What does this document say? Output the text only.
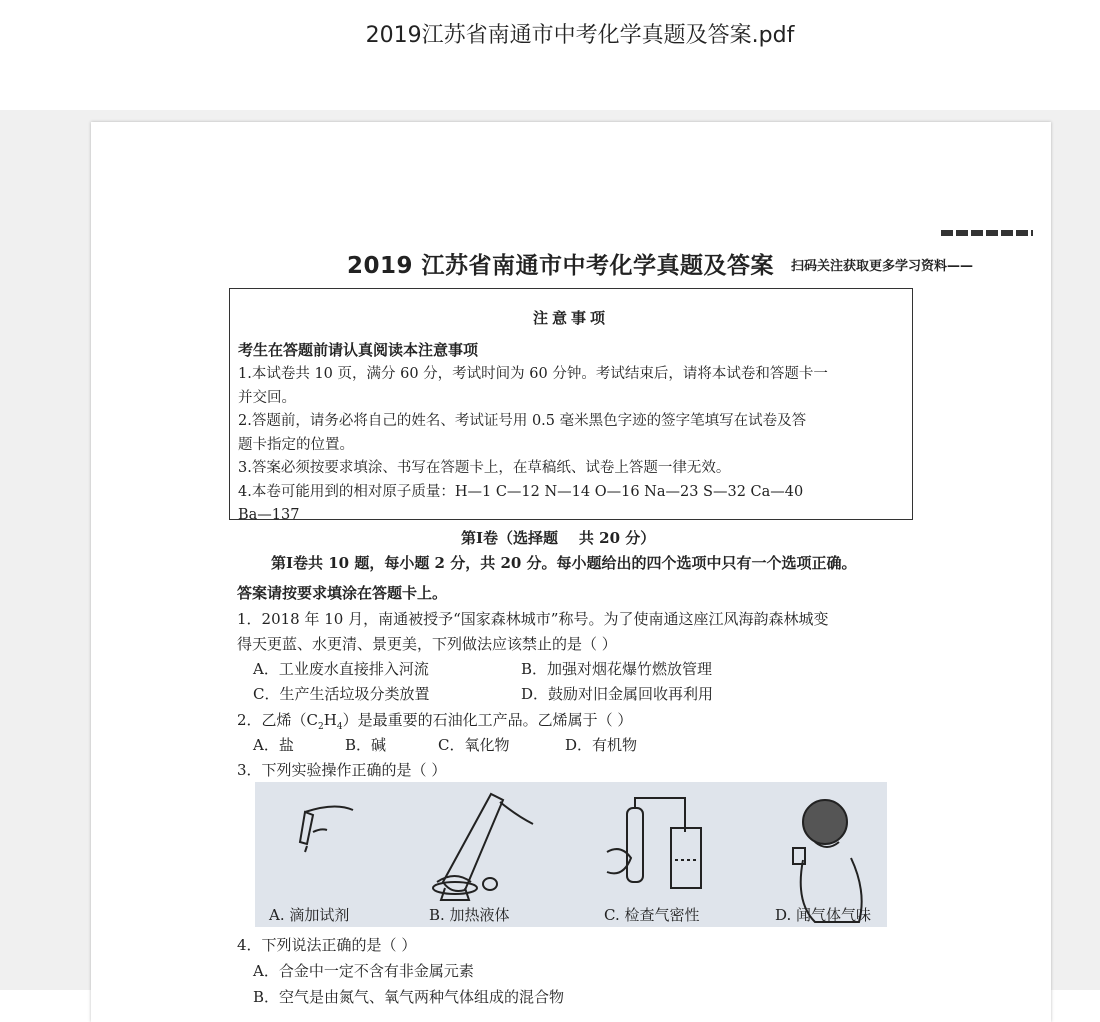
2019江苏省南通市中考化学真题及答案.pdf
2019 江苏省南通市中考化学真题及答案 扫码关注获取更多学习资料——
注意事项
考生在答题前请认真阅读本注意事项
1.本试卷共 10 页，满分 60 分，考试时间为 60 分钟。考试结束后，请将本试卷和答题卡一
并交回。
2.答题前，请务必将自己的姓名、考试证号用 0.5 毫米黑色字迹的签字笔填写在试卷及答
题卡指定的位置。
3.答案必须按要求填涂、书写在答题卡上，在草稿纸、试卷上答题一律无效。
4.本卷可能用到的相对原子质量：H—1 C—12 N—14 O—16 Na—23 S—32 Ca—40
Ba—137
第Ⅰ卷（选择题    共 20 分）
第Ⅰ卷共 10 题，每小题 2 分，共 20 分。每小题给出的四个选项中只有一个选项正确。
答案请按要求填涂在答题卡上。
1．2018 年 10 月，南通被授予“国家森林城市”称号。为了使南通这座江风海韵森林城变
得天更蓝、水更清、景更美，下列做法应该禁止的是（ ）
A．工业废水直接排入河流	B．加强对烟花爆竹燃放管理
C．生产生活垃圾分类放置	D．鼓励对旧金属回收再利用
2．乙烯$(C_2H_4)$是最重要的石油化工产品。乙烯属于（ ）
A．盐	B．碱	C．氧化物	D．有机物
3．下列实验操作正确的是（ ）
A. 滴加试剂	B. 加热液体	C. 检查气密性	D. 闻气体气味
4．下列说法正确的是（ ）
A．合金中一定不含有非金属元素
B．空气是由氮气、氧气两种气体组成的混合物
